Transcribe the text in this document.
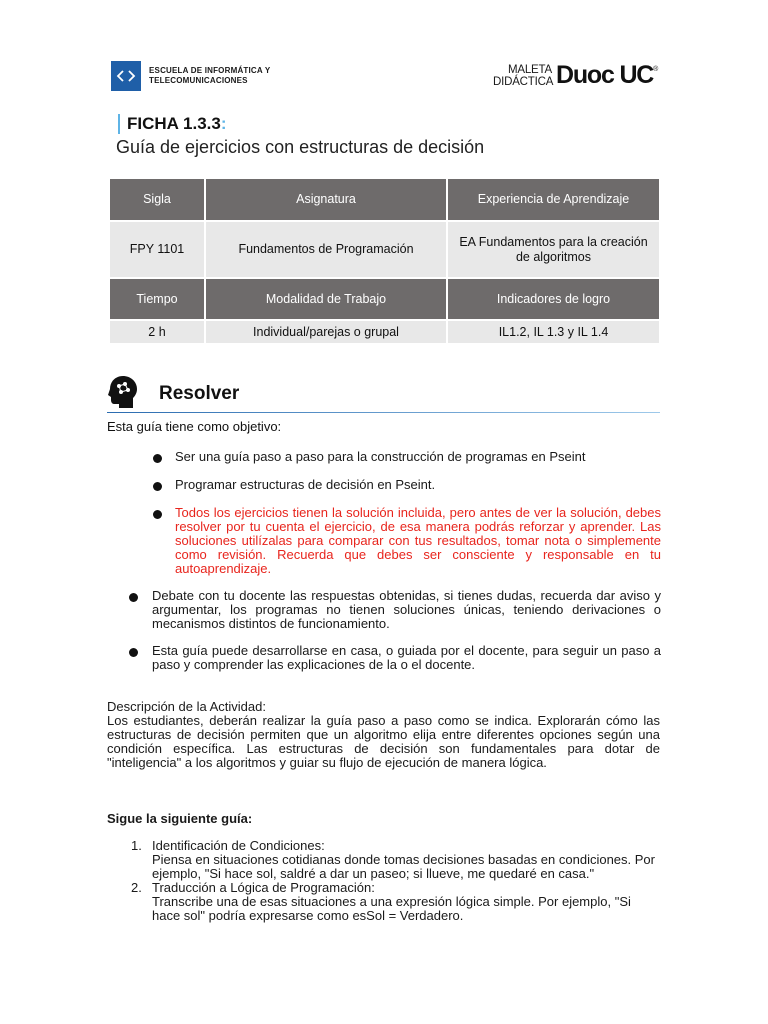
ESCUELA DE INFORMÁTICA Y
TELECOMUNICACIONES
MALETA
DIDÁCTICA Duoc UC®
FICHA 1.3.3:
Guía de ejercicios con estructuras de decisión
Sigla	Asignatura	Experiencia de Aprendizaje
FPY 1101	Fundamentos de Programación	EA Fundamentos para la creación de algoritmos
Tiempo	Modalidad de Trabajo	Indicadores de logro
2 h	Individual/parejas o grupal	IL1.2, IL 1.3 y IL 1.4
Resolver
Esta guía tiene como objetivo:
Ser una guía paso a paso para la construcción de programas en Pseint
Programar estructuras de decisión en Pseint.
Todos los ejercicios tienen la solución incluida, pero antes de ver la solución, debes resolver por tu cuenta el ejercicio, de esa manera podrás reforzar y aprender. Las soluciones utilízalas para comparar con tus resultados, tomar nota o simplemente como revisión. Recuerda que debes ser consciente y responsable en tu autoaprendizaje.
Debate con tu docente las respuestas obtenidas, si tienes dudas, recuerda dar aviso y argumentar, los programas no tienen soluciones únicas, teniendo derivaciones o mecanismos distintos de funcionamiento.
Esta guía puede desarrollarse en casa, o guiada por el docente, para seguir un paso a paso y comprender las explicaciones de la o el docente.
Descripción de la Actividad:
Los estudiantes, deberán realizar la guía paso a paso como se indica. Explorarán cómo las estructuras de decisión permiten que un algoritmo elija entre diferentes opciones según una condición específica. Las estructuras de decisión son fundamentales para dotar de "inteligencia" a los algoritmos y guiar su flujo de ejecución de manera lógica.
Sigue la siguiente guía:
1. Identificación de Condiciones:
Piensa en situaciones cotidianas donde tomas decisiones basadas en condiciones. Por ejemplo, "Si hace sol, saldré a dar un paseo; si llueve, me quedaré en casa."
2. Traducción a Lógica de Programación:
Transcribe una de esas situaciones a una expresión lógica simple. Por ejemplo, "Si hace sol" podría expresarse como esSol = Verdadero.
